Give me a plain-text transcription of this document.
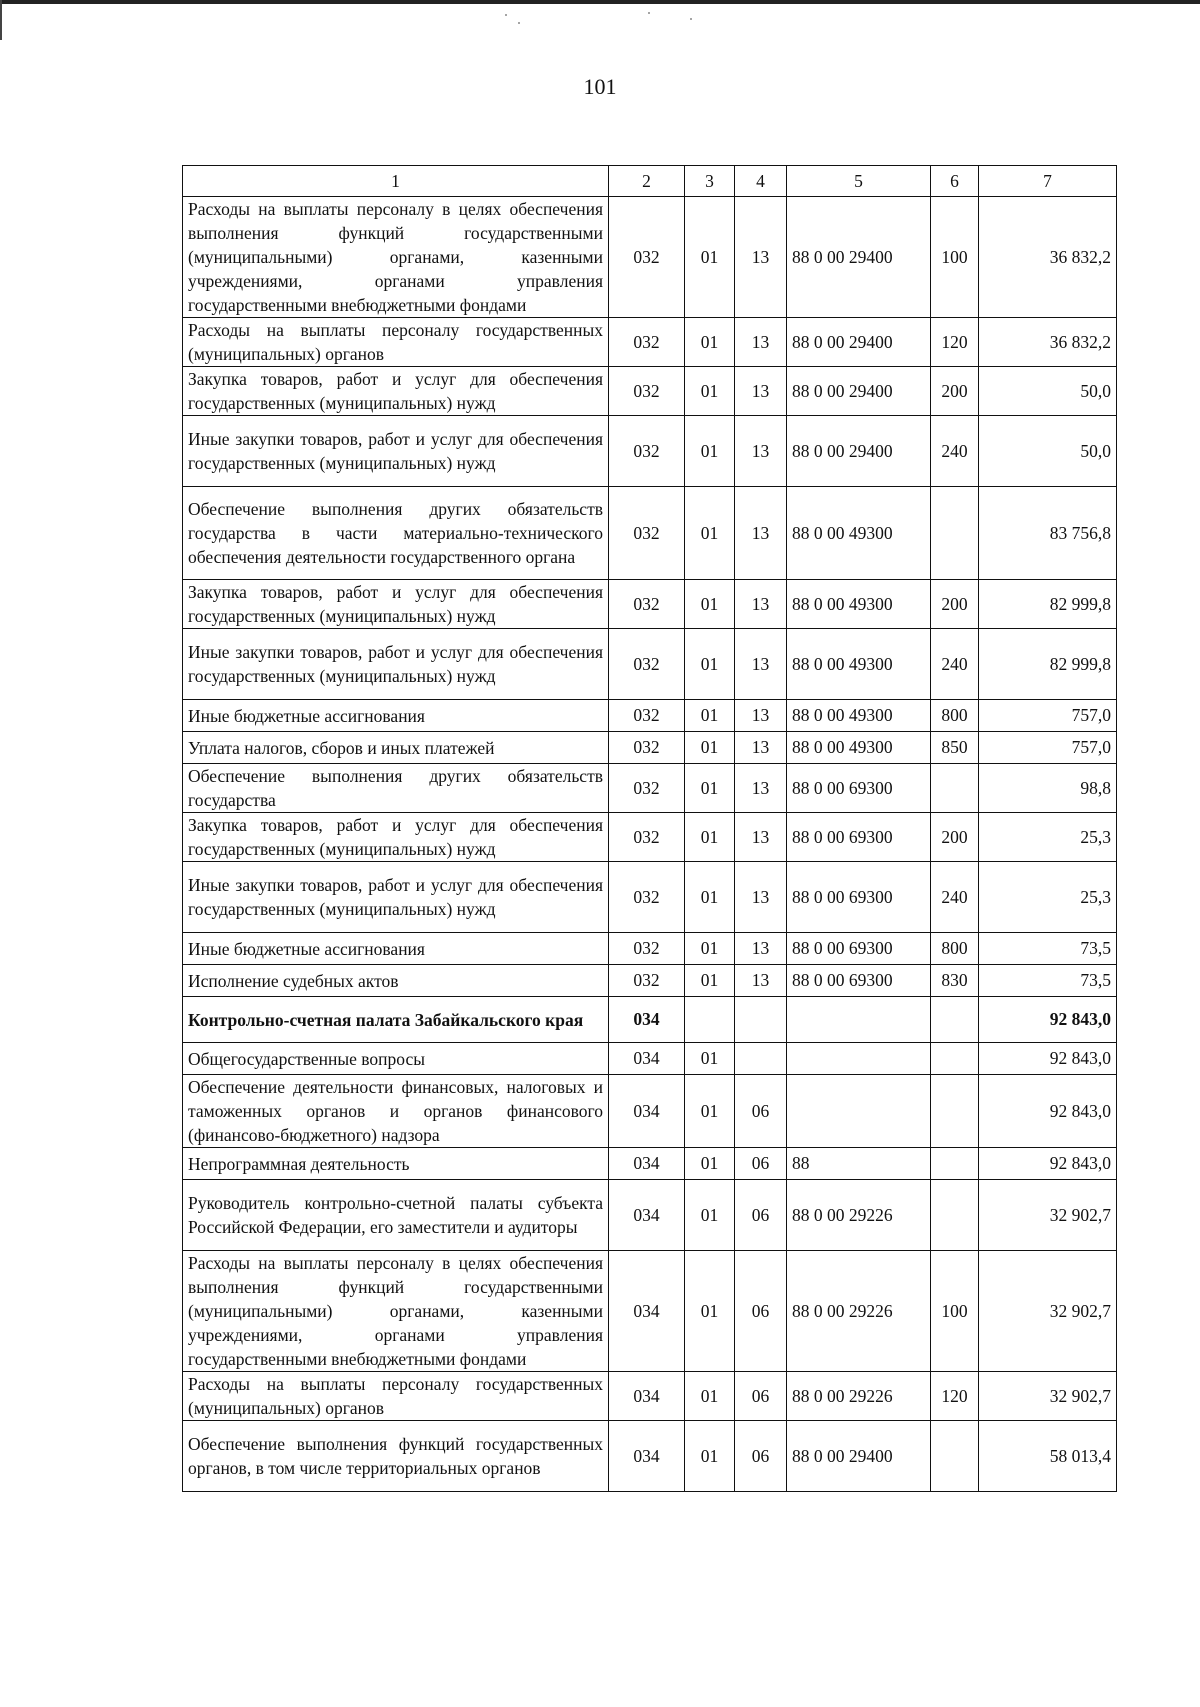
101
1	2	3	4	5	6	7
Расходы на выплаты персоналу в целях обеспечения выполнения функций государственными (муниципальными) органами, казенными учреждениями, органами управления государственными внебюджетными фондами	032	01	13	88 0 00 29400	100	36 832,2
Расходы на выплаты персоналу государственных (муниципальных) органов	032	01	13	88 0 00 29400	120	36 832,2
Закупка товаров, работ и услуг для обеспечения государственных (муниципальных) нужд	032	01	13	88 0 00 29400	200	50,0
Иные закупки товаров, работ и услуг для обеспечения государственных (муниципальных) нужд	032	01	13	88 0 00 29400	240	50,0
Обеспечение выполнения других обязательств государства в части материально-технического обеспечения деятельности государственного органа	032	01	13	88 0 00 49300		83 756,8
Закупка товаров, работ и услуг для обеспечения государственных (муниципальных) нужд	032	01	13	88 0 00 49300	200	82 999,8
Иные закупки товаров, работ и услуг для обеспечения государственных (муниципальных) нужд	032	01	13	88 0 00 49300	240	82 999,8
Иные бюджетные ассигнования	032	01	13	88 0 00 49300	800	757,0
Уплата налогов, сборов и иных платежей	032	01	13	88 0 00 49300	850	757,0
Обеспечение выполнения других обязательств государства	032	01	13	88 0 00 69300		98,8
Закупка товаров, работ и услуг для обеспечения государственных (муниципальных) нужд	032	01	13	88 0 00 69300	200	25,3
Иные закупки товаров, работ и услуг для обеспечения государственных (муниципальных) нужд	032	01	13	88 0 00 69300	240	25,3
Иные бюджетные ассигнования	032	01	13	88 0 00 69300	800	73,5
Исполнение судебных актов	032	01	13	88 0 00 69300	830	73,5
Контрольно-счетная палата Забайкальского края	034					92 843,0
Общегосударственные вопросы	034	01				92 843,0
Обеспечение деятельности финансовых, налоговых и таможенных органов и органов финансового (финансово-бюджетного) надзора	034	01	06			92 843,0
Непрограммная деятельность	034	01	06	88		92 843,0
Руководитель контрольно-счетной палаты субъекта Российской Федерации, его заместители и аудиторы	034	01	06	88 0 00 29226		32 902,7
Расходы на выплаты персоналу в целях обеспечения выполнения функций государственными (муниципальными) органами, казенными учреждениями, органами управления государственными внебюджетными фондами	034	01	06	88 0 00 29226	100	32 902,7
Расходы на выплаты персоналу государственных (муниципальных) органов	034	01	06	88 0 00 29226	120	32 902,7
Обеспечение выполнения функций государственных органов, в том числе территориальных органов	034	01	06	88 0 00 29400		58 013,4
